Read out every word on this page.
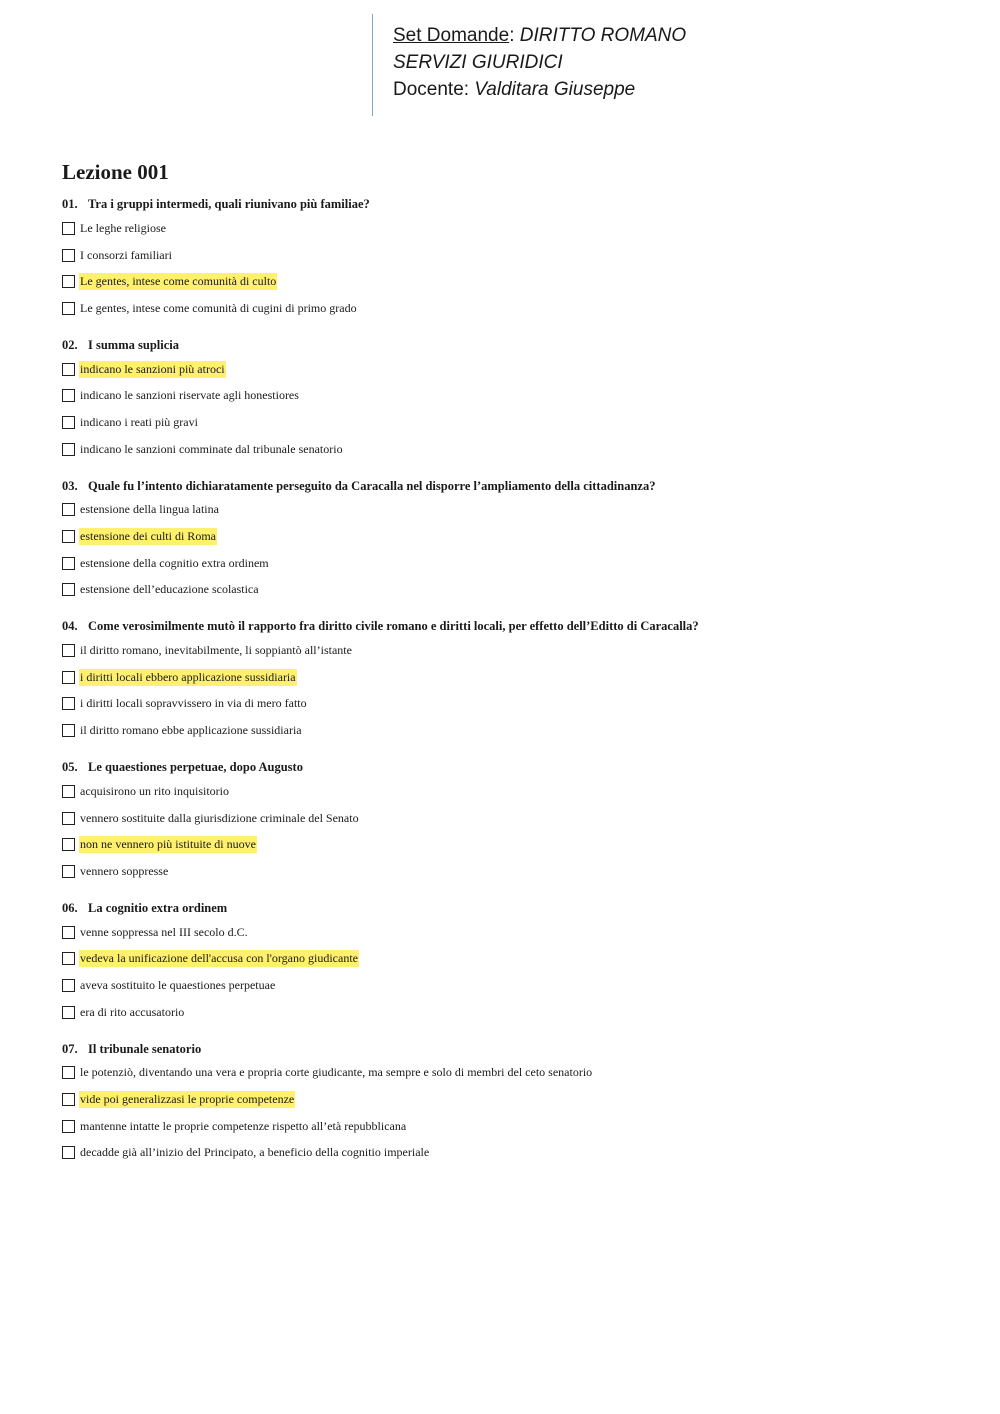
Set Domande: DIRITTO ROMANO
SERVIZI GIURIDICI
Docente: Valditara Giuseppe
Lezione 001
01. Tra i gruppi intermedi, quali riunivano più familiae?
Le leghe religiose
I consorzi familiari
Le gentes, intese come comunità di culto
Le gentes, intese come comunità di cugini di primo grado
02. I summa suplicia
indicano le sanzioni più atroci
indicano le sanzioni riservate agli honestiores
indicano i reati più gravi
indicano le sanzioni comminate dal tribunale senatorio
03. Quale fu l’intento dichiaratamente perseguito da Caracalla nel disporre l’ampliamento della cittadinanza?
estensione della lingua latina
estensione dei culti di Roma
estensione della cognitio extra ordinem
estensione dell’educazione scolastica
04. Come verosimilmente mutò il rapporto fra diritto civile romano e diritti locali, per effetto dell’Editto di Caracalla?
il diritto romano, inevitabilmente, li soppiantò all’istante
i diritti locali ebbero applicazione sussidiaria
i diritti locali sopravvissero in via di mero fatto
il diritto romano ebbe applicazione sussidiaria
05. Le quaestiones perpetuae, dopo Augusto
acquisirono un rito inquisitorio
vennero sostituite dalla giurisdizione criminale del Senato
non ne vennero più istituite di nuove
vennero soppresse
06. La cognitio extra ordinem
venne soppressa nel III secolo d.C.
vedeva la unificazione dell'accusa con l'organo giudicante
aveva sostituito le quaestiones perpetuae
era di rito accusatorio
07. Il tribunale senatorio
le potenziò, diventando una vera e propria corte giudicante, ma sempre e solo di membri del ceto senatorio
vide poi generalizzasi le proprie competenze
mantenne intatte le proprie competenze rispetto all’età repubblicana
decadde già all’inizio del Principato, a beneficio della cognitio imperiale
